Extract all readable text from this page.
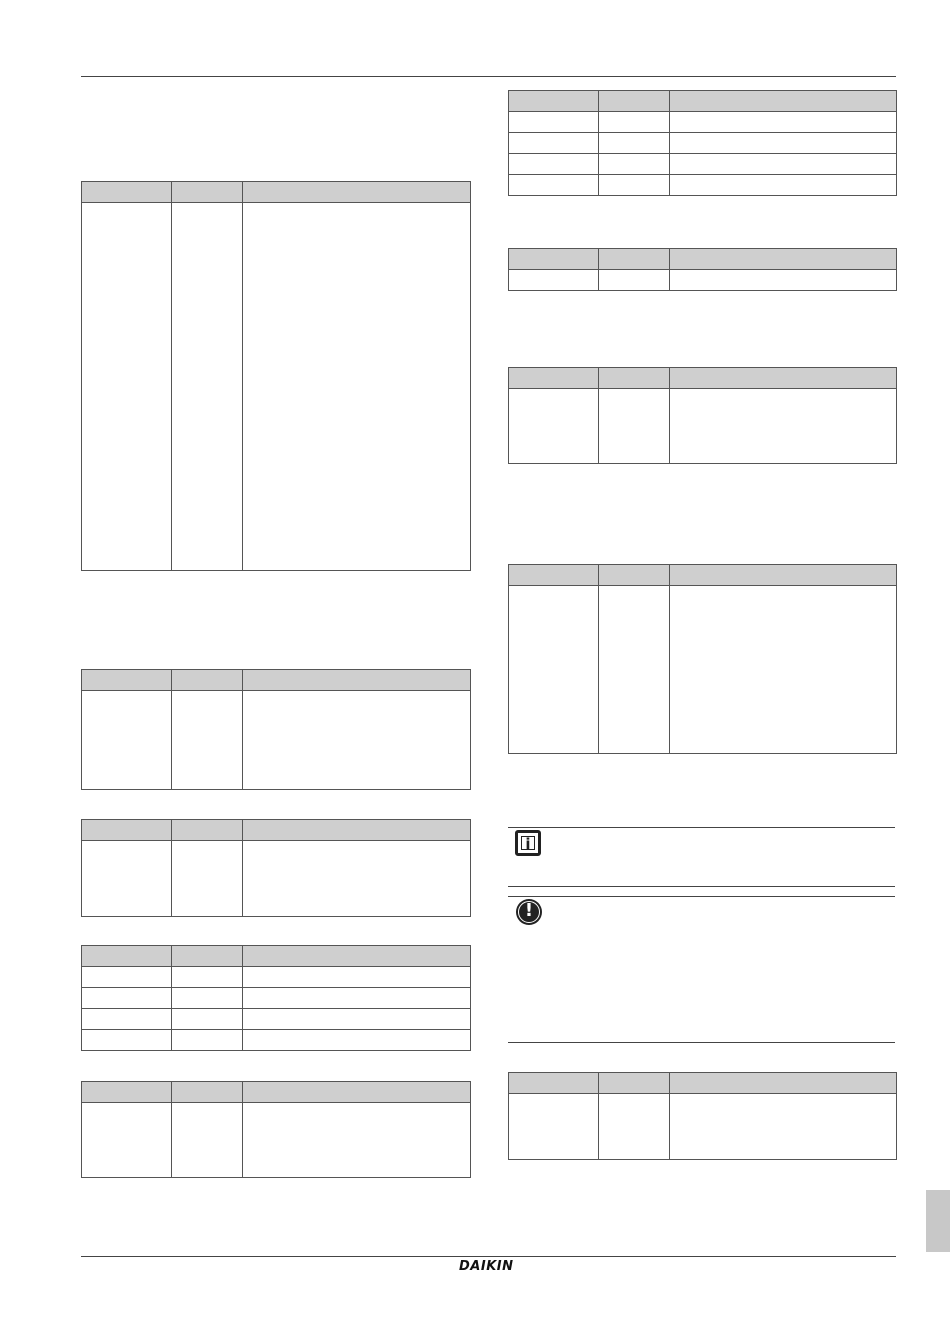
i
!

DAIKIN
